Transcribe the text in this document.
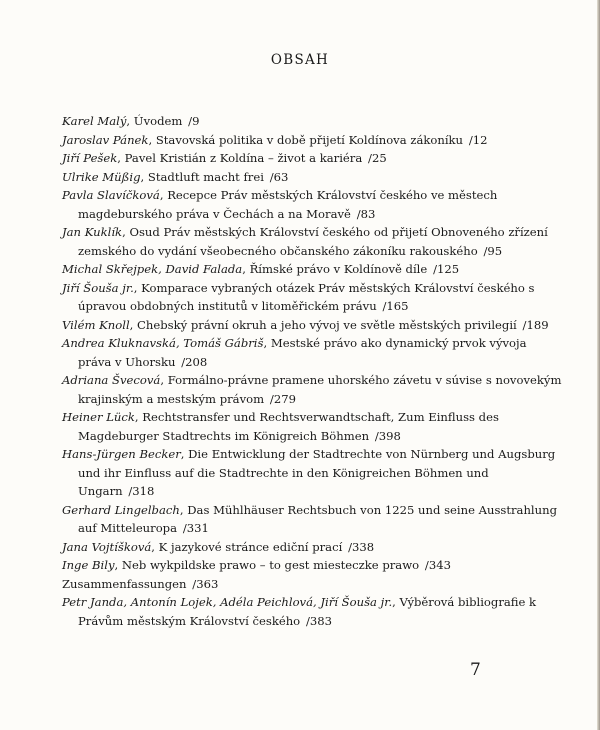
OBSAH
Karel Malý, Úvodem  /9
Jaroslav Pánek, Stavovská politika v době přijetí Koldínova zákoníku  /12
Jiří Pešek, Pavel Kristián z Koldína – život a kariéra  /25
Ulrike Müßig, Stadtluft macht frei  /63
Pavla Slavíčková, Recepce Práv městských Království českého ve městech magdeburského práva v Čechách a na Moravě  /83
Jan Kuklík, Osud Práv městských Království českého od přijetí Obnoveného zřízení zemského do vydání všeobecného občanského zákoníku rakouského  /95
Michal Skřejpek, David Falada, Římské právo v Koldínově díle  /125
Jiří Šouša jr., Komparace vybraných otázek Práv městských Království českého s úpravou obdobných institutů v litoměřickém právu  /165
Vilém Knoll, Chebský právní okruh a jeho vývoj ve světle městských privilegií  /189
Andrea Kluknavská, Tomáš Gábriš, Mestské právo ako dynamický prvok vývoja práva v Uhorsku  /208
Adriana Švecová, Formálno-právne pramene uhorského závetu v súvise s novovekým krajinským a mestským právom  /279
Heiner Lück, Rechtstransfer und Rechtsverwandtschaft, Zum Einfluss des Magdeburger Stadtrechts im Königreich Böhmen  /398
Hans-Jürgen Becker, Die Entwicklung der Stadtrechte von Nürnberg und Augsburg und ihr Einfluss auf die Stadtrechte in den Königreichen Böhmen und Ungarn  /318
Gerhard Lingelbach, Das Mühlhäuser Rechtsbuch von 1225 und seine Ausstrahlung auf Mitteleuropa  /331
Jana Vojtíšková, K jazykové stránce ediční prací  /338
Inge Bily, Neb wykpildske prawo – to gest miesteczke prawo  /343
Zusammenfassungen  /363
Petr Janda, Antonín Lojek, Adéla Peichlová, Jiří Šouša jr., Výběrová bibliografie k Právům městským Království českého  /383
7
